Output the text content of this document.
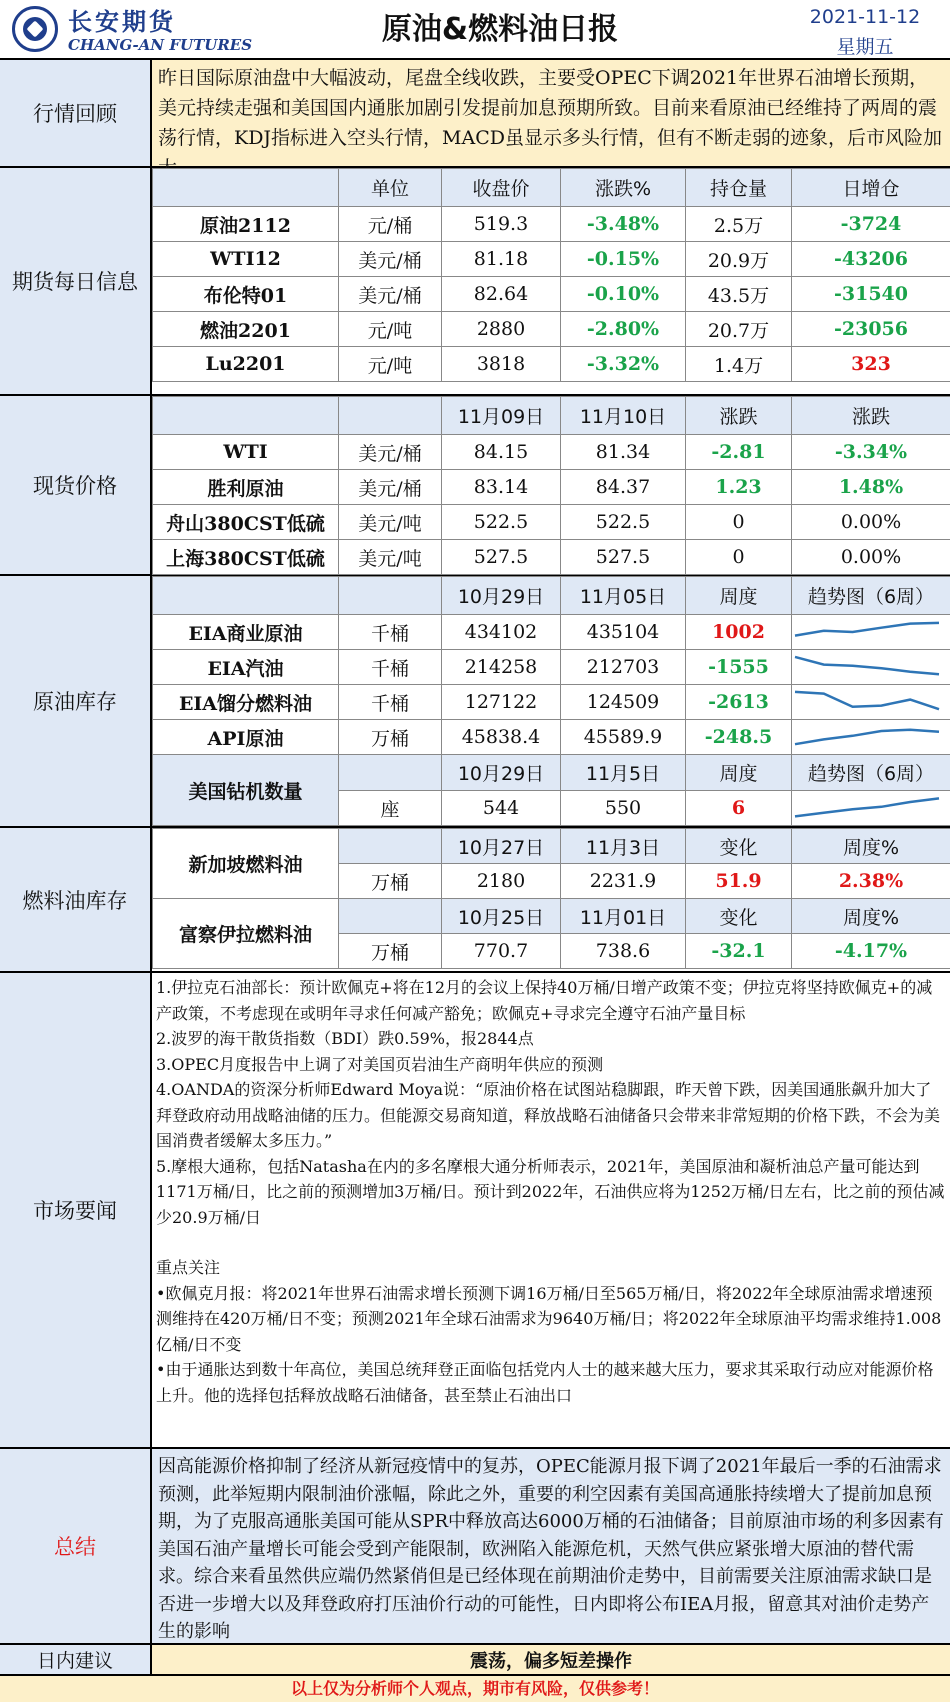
长安期货
CHANG-AN FUTURES	原油&燃料油日报	2021-11-12
星期五
行情回顾
昨日国际原油盘中大幅波动，尾盘全线收跌，主要受OPEC下调2021年世界石油增长预期，美元持续走强和美国国内通胀加剧引发提前加息预期所致。目前来看原油已经维持了两周的震荡行情，KDJ指标进入空头行情，MACD虽显示多头行情，但有不断走弱的迹象，后市风险加
期货每日信息
	单位	收盘价	涨跌%	持仓量	日增仓
原油2112	元/桶	519.3	-3.48%	2.5万	-3724
WTI12	美元/桶	81.18	-0.15%	20.9万	-43206
布伦特01	美元/桶	82.64	-0.10%	43.5万	-31540
燃油2201	元/吨	2880	-2.80%	20.7万	-23056
Lu2201	元/吨	3818	-3.32%	1.4万	323
现货价格
		11月09日	11月10日	涨跌	涨跌
WTI	美元/桶	84.15	81.34	-2.81	-3.34%
胜利原油	美元/桶	83.14	84.37	1.23	1.48%
舟山380CST低硫	美元/吨	522.5	522.5	0	0.00%
上海380CST低硫	美元/吨	527.5	527.5	0	0.00%
原油库存
		10月29日	11月05日	周度	趋势图（6周）
EIA商业原油	千桶	434102	435104	1002	

EIA汽油	千桶	214258	212703	-1555	

EIA馏分燃料油	千桶	127122	124509	-2613	

API原油	万桶	45838.4	45589.9	-248.5	

美国钻机数量		10月29日	11月5日	周度	趋势图（6周）
	座	544	550	6	
燃料油库存
新加坡燃料油		10月27日	11月3日	变化	周度%
	万桶	2180	2231.9	51.9	2.38%
富察伊拉燃料油		10月25日	11月01日	变化	周度%
	万桶	770.7	738.6	-32.1	-4.17%
市场要闻
1.伊拉克石油部长：预计欧佩克+将在12月的会议上保持40万桶/日增产政策不变；伊拉克将坚持欧佩克+的减产政策，不考虑现在或明年寻求任何减产豁免；欧佩克+寻求完全遵守石油产量目标
2.波罗的海干散货指数（BDI）跌0.59%，报2844点
3.OPEC月度报告中上调了对美国页岩油生产商明年供应的预测
4.OANDA的资深分析师Edward Moya说：“原油价格在试图站稳脚跟，昨天曾下跌，因美国通胀飙升加大了拜登政府动用战略油储的压力。但能源交易商知道，释放战略石油储备只会带来非常短期的价格下跌，不会为美国消费者缓解太多压力。”
5.摩根大通称，包括Natasha在内的多名摩根大通分析师表示，2021年，美国原油和凝析油总产量可能达到1171万桶/日，比之前的预测增加3万桶/日。预计到2022年，石油供应将为1252万桶/日左右，比之前的预估减少20.9万桶/日
重点关注
•欧佩克月报：将2021年世界石油需求增长预测下调16万桶/日至565万桶/日，将2022年全球原油需求增速预测维持在420万桶/日不变；预测2021年全球石油需求为9640万桶/日；将2022年全球原油平均需求维持1.008亿桶/日不变
•由于通胀达到数十年高位，美国总统拜登正面临包括党内人士的越来越大压力，要求其采取行动应对能源价格上升。他的选择包括释放战略石油储备，甚至禁止石油出口
总结
因高能源价格抑制了经济从新冠疫情中的复苏，OPEC能源月报下调了2021年最后一季的石油需求预测，此举短期内限制油价涨幅，除此之外，重要的利空因素有美国高通胀持续增大了提前加息预期，为了克服高通胀美国可能从SPR中释放高达6000万桶的石油储备；目前原油市场的利多因素有美国石油产量增长可能会受到产能限制，欧洲陷入能源危机，天然气供应紧张增大原油的替代需求。综合来看虽然供应端仍然紧俏但是已经体现在前期油价走势中，目前需要关注原油需求缺口是否进一步增大以及拜登政府打压油价行动的可能性，日内即将公布IEA月报，留意其对油价走势产生的影响
日内建议	震荡，偏多短差操作
以上仅为分析师个人观点，期市有风险，仅供参考！
